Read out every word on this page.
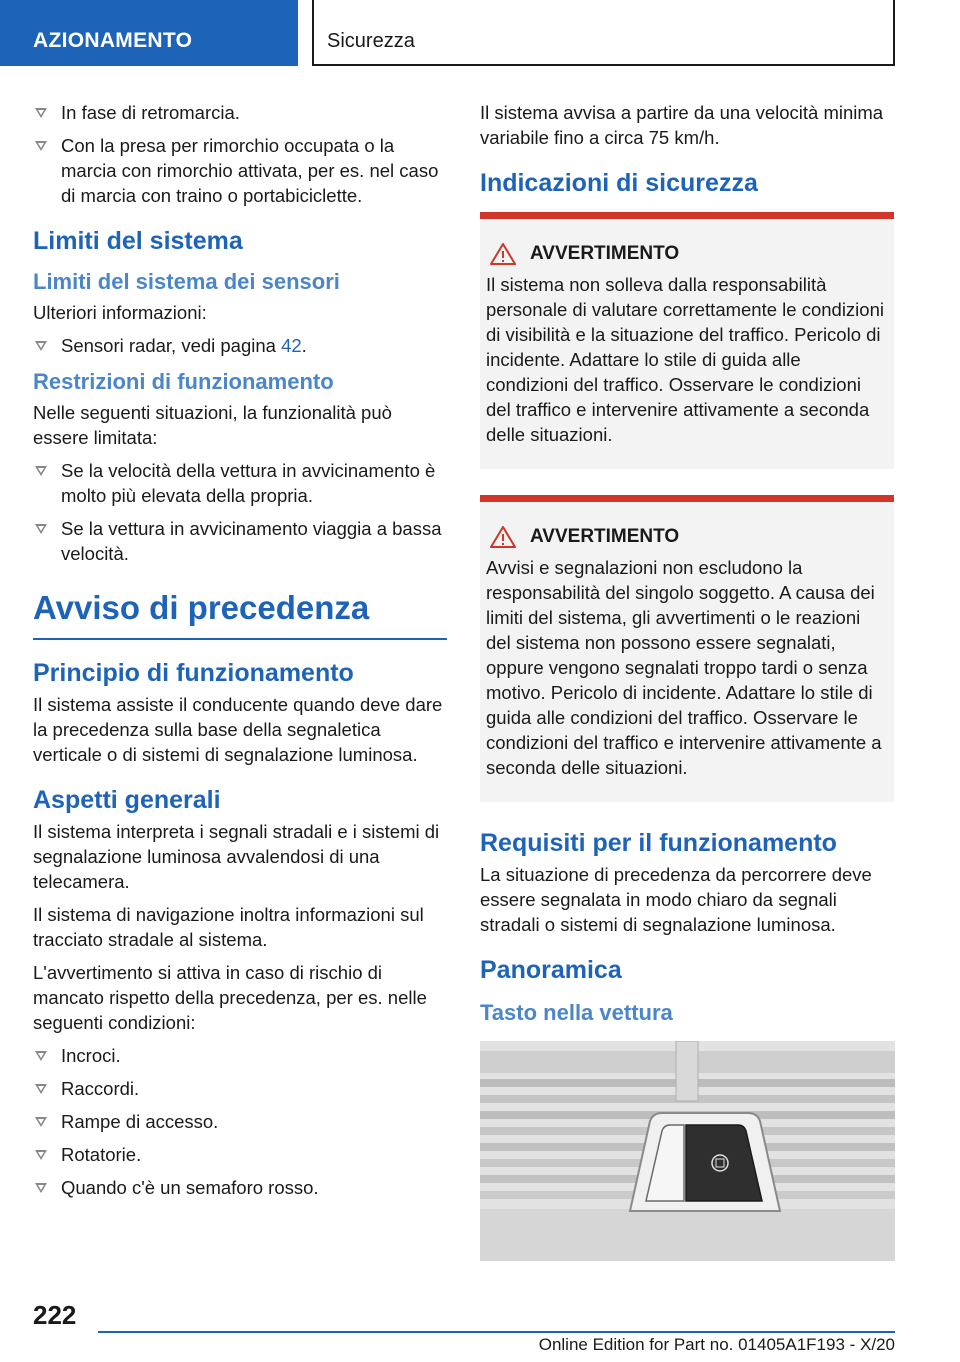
AZIONAMENTO	Sicurezza
In fase di retromarcia.
Con la presa per rimorchio occupata o la marcia con rimorchio attivata, per es. nel caso di marcia con traino o portabiciclette.
Limiti del sistema
Limiti del sistema dei sensori

Ulteriori informazioni:

Sensori radar, vedi pagina 42.
Restrizioni di funzionamento

Nelle seguenti situazioni, la funzionalità può essere limitata:

Se la velocità della vettura in avvicinamento è molto più elevata della propria.
Se la vettura in avvicinamento viaggia a bassa velocità.
Avviso di precedenza
Principio di funzionamento

Il sistema assiste il conducente quando deve dare la precedenza sulla base della segnaletica verticale o di sistemi di segnalazione luminosa.

Aspetti generali

Il sistema interpreta i segnali stradali e i sistemi di segnalazione luminosa avvalendosi di una telecamera.

Il sistema di navigazione inoltra informazioni sul tracciato stradale al sistema.

L'avvertimento si attiva in caso di rischio di mancato rispetto della precedenza, per es. nelle seguenti condizioni:

Incroci.
Raccordi.
Rampe di accesso.
Rotatorie.
Quando c'è un semaforo rosso.

Il sistema avvisa a partire da una velocità minima variabile fino a circa 75 km/h.

Indicazioni di sicurezza
AVVERTIMENTO

Il sistema non solleva dalla responsabilità personale di valutare correttamente le condizioni di visibilità e la situazione del traffico. Pericolo di incidente. Adattare lo stile di guida alle condizioni del traffico. Osservare le condizioni del traffico e intervenire attivamente a seconda delle situazioni.

AVVERTIMENTO

Avvisi e segnalazioni non escludono la responsabilità del singolo soggetto. A causa dei limiti del sistema, gli avvertimenti o le reazioni del sistema non possono essere segnalati, oppure vengono segnalati troppo tardi o senza motivo. Pericolo di incidente. Adattare lo stile di guida alle condizioni del traffico. Osservare le condizioni del traffico e intervenire attivamente a seconda delle situazioni.

Requisiti per il funzionamento

La situazione di precedenza da percorrere deve essere segnalata in modo chiaro da segnali stradali o sistemi di segnalazione luminosa.

Panoramica
Tasto nella vettura
222
Online Edition for Part no. 01405A1F193 - X/20
